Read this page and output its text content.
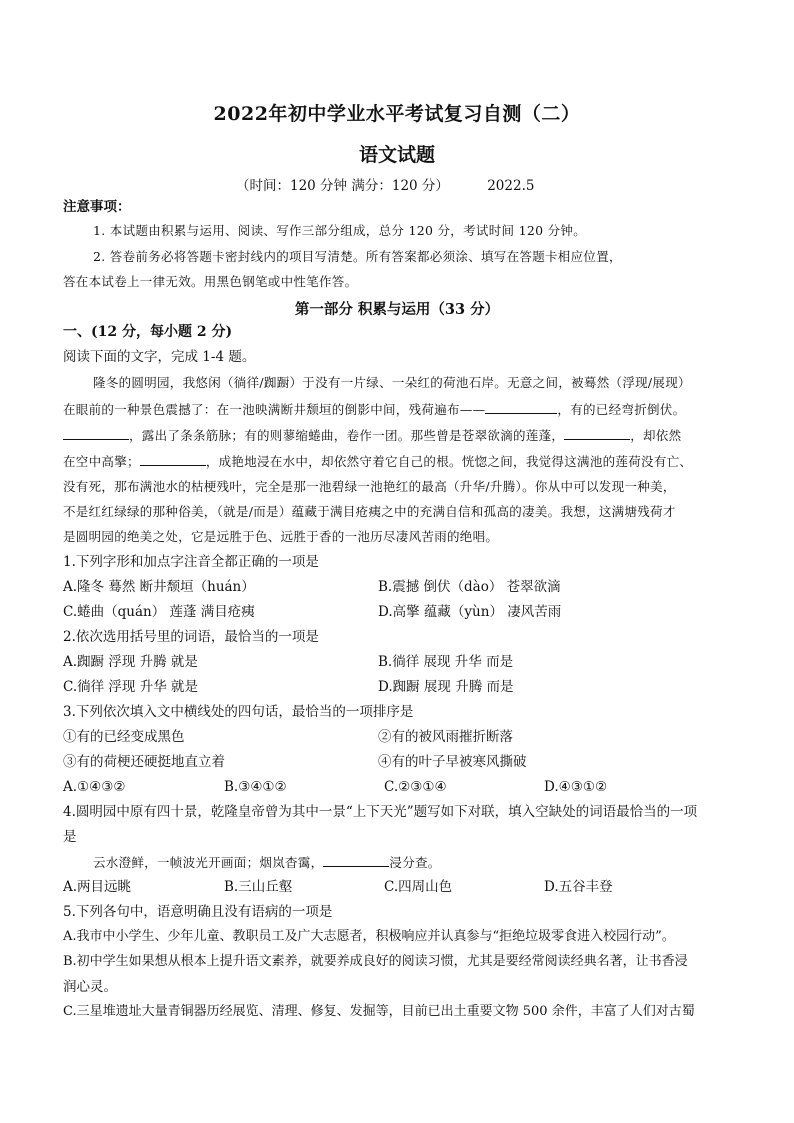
2022年初中学业水平考试复习自测（二）
语文试题
（时间：120 分钟 满分：120 分）	2022.5
注意事项：
1. 本试题由积累与运用、阅读、写作三部分组成，总分 120 分，考试时间 120 分钟。
2. 答卷前务必将答题卡密封线内的项目写清楚。所有答案都必须涂、填写在答题卡相应位置，
答在本试卷上一律无效。用黑色钢笔或中性笔作答。
第一部分 积累与运用（33 分）
一、(12 分，每小题 2 分)
阅读下面的文字，完成 1-4 题。
隆冬的圆明园，我悠闲（徜徉/踟蹰）于没有一片绿、一朵红的荷池石岸。无意之间，被蓦然（浮现/展现）
在眼前的一种景色震撼了：在一池映满断井颓垣的倒影中间，残荷遍布——	，有的已经弯折倒伏。
，露出了条条筋脉；有的则蓼缩蜷曲，卷作一团。那些曾是苍翠欲滴的莲蓬，	，却依然
在空中高擎；	，成艳地浸在水中，却依然守着它自己的根。恍惚之间，我觉得这满池的莲荷没有亡、
没有死，那布满池水的枯梗残叶，完全是那一池碧绿一池艳红的最高（升华/升腾）。你从中可以发现一种美，
不是红红绿绿的那种俗美，（就是/而是）蕴藏于满目疮痍之中的充满自信和孤高的凄美。我想，这满塘残荷才
是圆明园的绝美之处，它是远胜于色、远胜于香的一池历尽凄风苦雨的绝唱。
1.下列字形和加点字注音全都正确的一项是
A.隆冬 蓦然 断井颓垣（huán）	B.震撼 倒伏（dào） 苍翠欲滴
C.蜷曲（quán） 莲蓬 满目疮痍	D.高擎 蕴藏（yùn） 凄风苦雨
2.依次选用括号里的词语，最恰当的一项是
A.踟蹰 浮现 升腾 就是	B.徜徉 展现 升华 而是
C.徜徉 浮现 升华 就是	D.踟蹰 展现 升腾 而是
3.下列依次填入文中横线处的四句话，最恰当的一项排序是
①有的已经变成黑色	②有的被风雨摧折断落
③有的荷梗还硬挺地直立着	④有的叶子早被寒风撕破
A.①④③②	B.③④①②	C.②③①④	D.④③①②
4.圆明园中原有四十景，乾隆皇帝曾为其中一景“上下天光”题写如下对联，填入空缺处的词语最恰当的一项
是
云水澄鲜，一帧波光开画面；烟岚杳霭，	浸分查。
A.两目远眺	B.三山丘壑	C.四周山色	D.五谷丰登
5.下列各句中，语意明确且没有语病的一项是
A.我市中小学生、少年儿童、教职员工及广大志愿者，积极响应并认真参与“拒绝垃圾零食进入校园行动”。
B.初中学生如果想从根本上提升语文素养，就要养成良好的阅读习惯，尤其是要经常阅读经典名著，让书香浸
润心灵。
C.三星堆遗址大量青铜器历经展览、清理、修复、发掘等，目前已出土重要文物 500 余件，丰富了人们对古蜀
